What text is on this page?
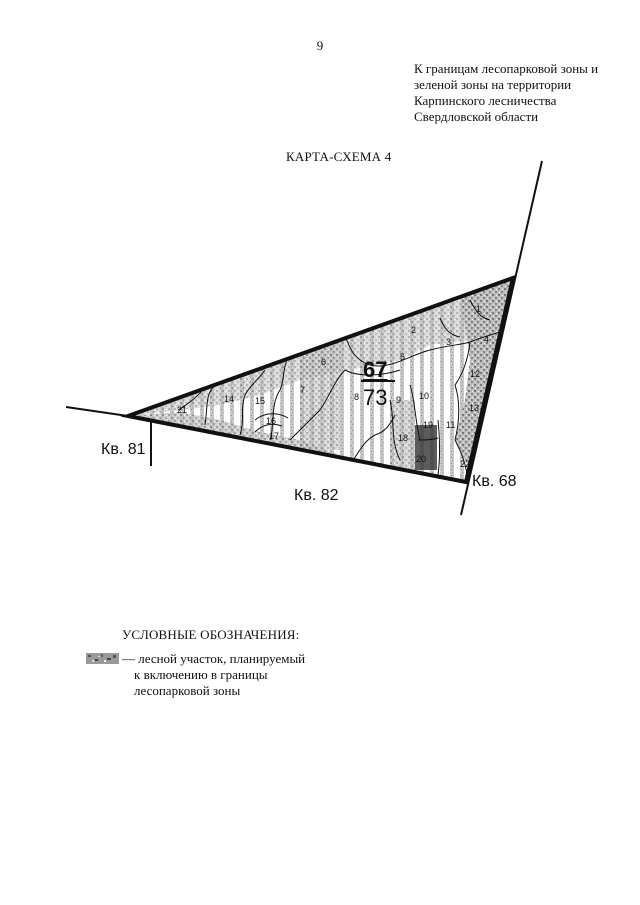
9
К границам лесопарковой зоны и
зеленой зоны на территории
Карпинского лесничества
Свердловской области
КАРТА-СХЕМА 4
67
73
1
2
3	4
5
6
7
8	9 10
11
12
13
14 15
16
17	18
19
20
21
22
Кв. 81
Кв. 82
Кв. 68
УСЛОВНЫЕ ОБОЗНАЧЕНИЯ:
— лесной участок, планируемый
к включению в границы
лесопарковой зоны
